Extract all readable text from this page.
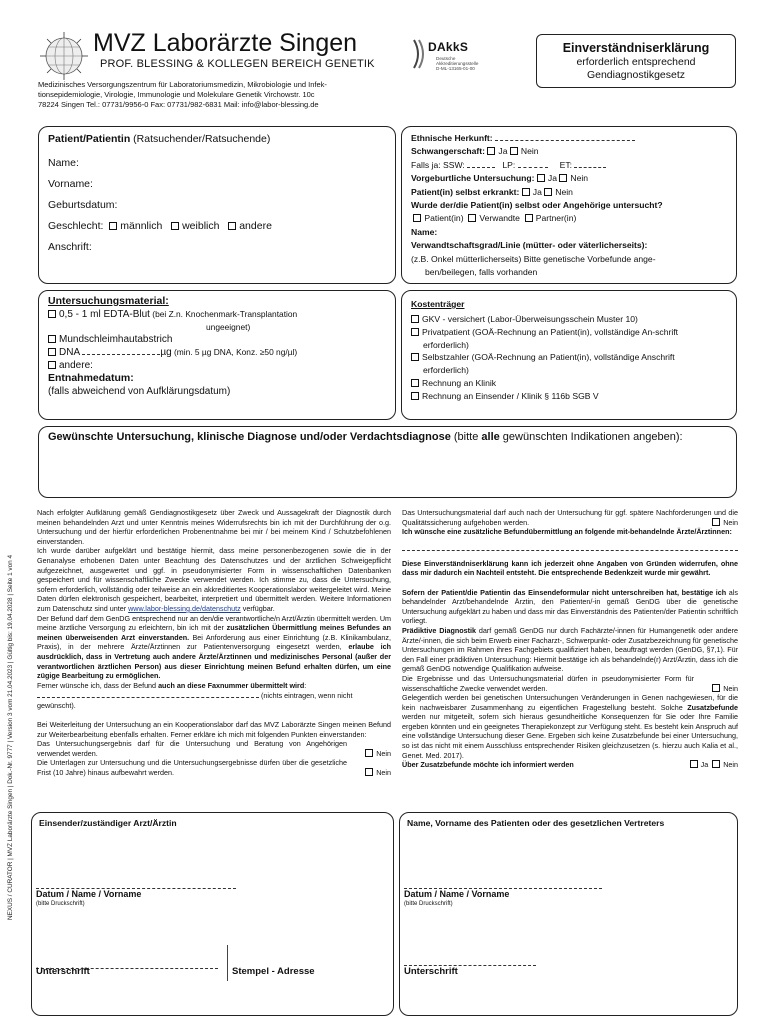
MVZ Laborärzte Singen
PROF. BLESSING & KOLLEGEN BEREICH GENETIK
Medizinisches Versorgungszentrum für Laboratoriumsmedizin, Mikrobiologie und Infek-
tionsepidemiologie, Virologie, Immunologie und Molekulare Genetik Virchowstr. 10c
78224 Singen Tel.: 07731/9956-0 Fax: 07731/982-6831 Mail: info@labor-blessing.de
DAkkS
Deutsche
Akkreditierungsstelle
D-ML-13165-01-00
Einverständniserklärung
erforderlich entsprechend
Gendiagnostikgesetz
Patient/Patientin (Ratsuchender/Ratsuchende)
Name:
Vorname:
Geburtsdatum:
Geschlecht: männlich weiblich andere
Anschrift:
Ethnische Herkunft:
Schwangerschaft: Ja Nein
Falls ja: SSW:	LP:	ET:
Vorgeburtliche Untersuchung: Ja Nein
Patient(in) selbst erkrankt: Ja Nein
Wurde der/die Patient(in) selbst oder Angehörige untersucht?
Patient(in) Verwandte Partner(in)
Name:
Verwandtschaftsgrad/Linie (mütter- oder väterlicherseits):
(z.B. Onkel mütterlicherseits) Bitte genetische Vorbefunde ange-
ben/beilegen, falls vorhanden
Untersuchungsmaterial:
0,5 - 1 ml EDTA-Blut (bei Z.n. Knochenmark-Transplantation
ungeeignet)
Mundschleimhautabstrich
DNA	µg (min. 5 µg DNA, Konz. ≥50 ng/µl)
andere:
Entnahmedatum:
(falls abweichend von Aufklärungsdatum)
Kostenträger
GKV - versichert (Labor-Überweisungsschein Muster 10)
Privatpatient (GOÄ-Rechnung an Patient(in), vollständige An-schrift
erforderlich)
Selbstzahler (GOÄ-Rechnung an Patient(in), vollständige Anschrift
erforderlich)
Rechnung an Klinik
Rechnung an Einsender / Klinik § 116b SGB V
Gewünschte Untersuchung, klinische Diagnose und/oder Verdachtsdiagnose (bitte alle gewünschten Indikationen angeben):
NEXUS / CURATOR | MVZ Laborärzte Singen | Dok.-Nr. 9777 | Version 3 vom 21.04.2023 | Gültig bis: 19.04.2028 | Seite 1 von 4
Nach erfolgter Aufklärung gemäß Gendiagnostikgesetz über Zweck und Aussagekraft der Diagnostik durch meinen behandelnden Arzt und unter Kenntnis meines Widerrufsrechts bin ich mit der Durchführung der o.g. Untersuchung und der hierfür erforderlichen Probenentnahme bei mir / bei meinem Kind / Schutzbefohlenen einverstanden.
Ich wurde darüber aufgeklärt und bestätige hiermit, dass meine personenbezogenen sowie die in der Genanalyse erhobenen Daten unter Beachtung des Datenschutzes und der ärztlichen Schweigepflicht aufgezeichnet, ausgewertet und ggf. in pseudonymisierter Form in wissenschaftlichen Datenbanken gespeichert und für wissenschaftliche Zwecke verwendet werden. Ich stimme zu, dass die Untersuchung, sofern erforderlich, vollständig oder teilweise an ein akkreditiertes Kooperationslabor weitergeleitet wird. Meine Daten dürfen elektronisch gespeichert, bearbeitet, interpretiert und übermittelt werden. Weitere Informationen zum Datenschutz sind unter www.labor-blessing.de/datenschutz verfügbar.
Der Befund darf dem GenDG entsprechend nur an den/die verantwortliche/n Arzt/Ärztin übermittelt werden. Um meine ärztliche Versorgung zu erleichtern, bin ich mit der zusätzlichen Übermittlung meines Befundes an meinen überweisenden Arzt einverstanden. Bei Anforderung aus einer Einrichtung (z.B. Klinikambulanz, Praxis), in der mehrere Ärzte/Ärztinnen zur Patientenversorgung eingesetzt werden, erlaube ich ausdrücklich, dass in Vertretung auch andere Ärzte/Ärztinnen und medizinisches Personal (außer der verantwortlichen ärztlichen Person) aus dieser Einrichtung meinen Befund erhalten dürfen, um eine zügige Bearbeitung zu ermöglichen.
Ferner wünsche ich, dass der Befund auch an diese Faxnummer übermittelt wird:
(nichts eintragen, wenn nicht gewünscht).
Bei Weiterleitung der Untersuchung an ein Kooperationslabor darf das MVZ Laborärzte Singen meinen Befund zur Weiterbearbeitung ebenfalls erhalten. Ferner erkläre ich mich mit folgenden Punkten einverstanden:
Das Untersuchungsergebnis darf für die Untersuchung und Beratung von Angehörigen verwendet werden.	Nein
Die Unterlagen zur Untersuchung und die Untersuchungsergebnisse dürfen über die gesetzliche Frist (10 Jahre) hinaus aufbewahrt werden.	Nein
Das Untersuchungsmaterial darf auch nach der Untersuchung für ggf. spätere Nachforderungen und die Qualitätssicherung aufgehoben werden.	Nein
Ich wünsche eine zusätzliche Befundübermittlung an folgende mit-behandelnde Ärzte/Ärztinnen:
Diese Einverständniserklärung kann ich jederzeit ohne Angaben von Gründen widerrufen, ohne dass mir dadurch ein Nachteil entsteht. Die entsprechende Bedenkzeit wurde mir gewährt.
Sofern der Patient/die Patientin das Einsendeformular nicht unterschreiben hat, bestätige ich als behandelnder Arzt/behandelnde Ärztin, den Patienten/-in gemäß GenDG über die genetische Untersuchung aufgeklärt zu haben und dass mir das Einverständnis des Patienten/der Patientin schriftlich vorliegt.
Prädiktive Diagnostik darf gemäß GenDG nur durch Fachärzte/-innen für Humangenetik oder andere Ärzte/-innen, die sich beim Erwerb einer Facharzt-, Schwerpunkt- oder Zusatzbezeichnung für genetische Untersuchungen im Rahmen ihres Fachgebiets qualifiziert haben, beauftragt werden (GenDG, §7,1). Für den Fall einer prädiktiven Untersuchung: Hiermit bestätige ich als behandelnde(r) Arzt/Ärztin, dass ich die gemäß GenDG notwendige Qualifikation aufweise.
Die Ergebnisse und das Untersuchungsmaterial dürfen in pseudonymisierter Form für wissenschaftliche Zwecke verwendet werden.	Nein
Gelegentlich werden bei genetischen Untersuchungen Veränderungen in Genen nachgewiesen, für die kein nachweisbarer Zusammenhang zu eigentlichen Fragestellung besteht. Solche Zusatzbefunde werden nur mitgeteilt, sofern sich hieraus gesundheitliche Konsequenzen für Sie oder Ihre Familie ergeben könnten und ein geeignetes Therapiekonzept zur Verfügung steht. Es besteht kein Anspruch auf eine vollständige Untersuchung dieser Gene. Ergeben sich keine Zusatzbefunde bei einer Untersuchung, so ist das nicht mit einem Ausschluss entsprechender Risiken gleichzusetzen (s. hierzu auch Kalia et al., Genet. Med. 2017).
Über Zusatzbefunde möchte ich informiert werden	Ja Nein
Einsender/zuständiger Arzt/Ärztin
Datum / Name / Vorname
(bitte Druckschrift)
Unterschrift	Stempel - Adresse
Name, Vorname des Patienten oder des gesetzlichen Vertreters
Datum / Name / Vorname
(bitte Druckschrift)
Unterschrift
